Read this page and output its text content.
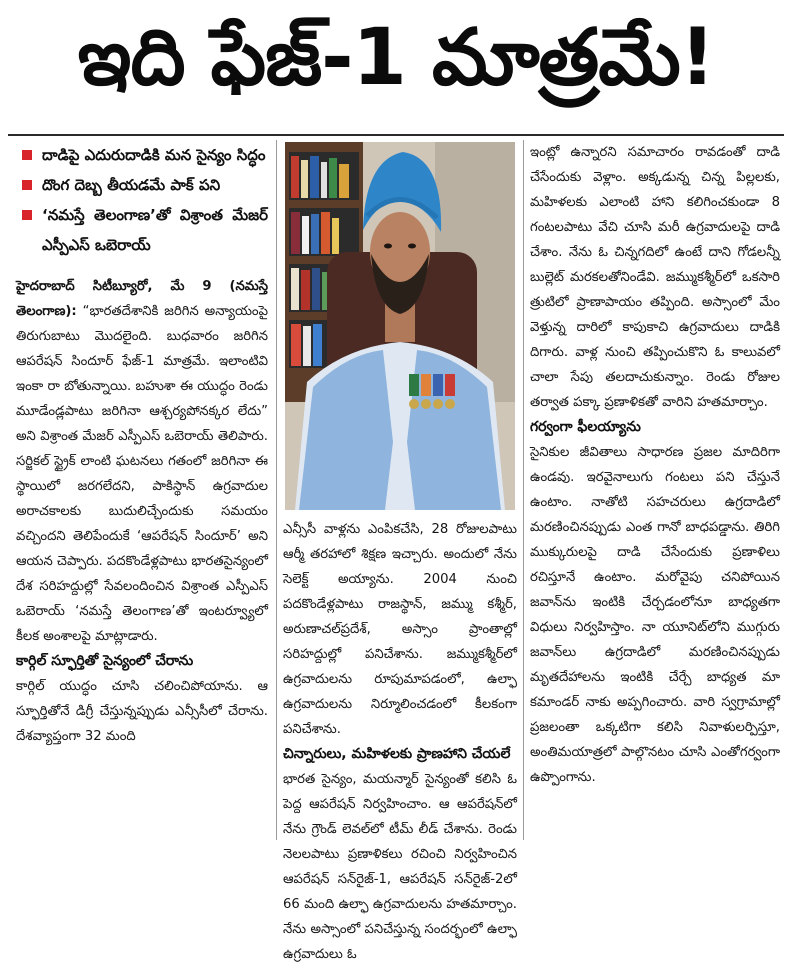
ఇది ఫేజ్‌-1 మాత్రమే!
దాడిపై ఎదురుదాడికి మన సైన్యం సిద్ధం
దొంగ దెబ్బ తీయడమే పాక్‌ పని
‘నమస్తే తెలంగాణ’తో విశ్రాంత మేజర్‌ ఎస్పీఎస్‌ ఒబెరాయ్‌

హైదరాబాద్‌ సిటీబ్యూరో, మే 9 (నమస్తే తెలంగాణ): “భారతదేశానికి జరిగిన అన్యాయంపై తిరుగుబాటు మొదలైంది. బుధవారం జరిగిన ఆపరేషన్‌ సిందూర్‌ ఫేజ్‌-1 మాత్రమే. ఇలాంటివి ఇంకా రా బోతున్నాయి. బహుశా ఈ యుద్ధం రెండు మూడేండ్లపాటు జరిగినా ఆశ్చర్యపోనక్కర లేదు” అని విశ్రాంత మేజర్‌ ఎస్పీఎస్‌ ఒబెరాయ్‌ తెలిపారు. సర్జికల్‌ స్ట్రైక్‌ లాంటి ఘటనలు గతంలో జరిగినా ఈ స్థాయిలో జరగలేదని, పాకిస్థాన్‌ ఉగ్రవాదుల అరాచకాలకు బుదులిచ్చేందుకు సమయం వచ్చిందని తెలిపేందుకే ‘ఆపరేషన్‌ సిందూర్‌’ అని ఆయన చెప్పారు. పదకొండేళ్లపాటు భారతసైన్యంలో దేశ సరిహద్దుల్లో సేవలందించిన విశ్రాంత ఎస్పీఎస్‌ ఒబెరాయ్‌ ‘నమస్తే తెలంగాణ’తో ఇంటర్వ్యూలో కీలక అంశాలపై మాట్లాడారు.

కార్గిల్‌ స్ఫూర్తితో సైన్యంలో చేరాను

కార్గిల్‌ యుద్ధం చూసి చలించిపోయాను. ఆ స్ఫూర్తితోనే డిగ్రీ చేస్తున్నప్పుడు ఎన్సీసీలో చేరాను. దేశవ్యాప్తంగా 32 మంది

ఎన్సీసీ వాళ్లను ఎంపికచేసి, 28 రోజులపాటు ఆర్మీ తరహాలో శిక్షణ ఇచ్చారు. అందులో నేను సెలెక్ట్‌ అయ్యాను. 2004 నుంచి పదకొండేళ్లపాటు రాజస్థాన్‌, జమ్ము కశ్మీర్‌, అరుణాచల్‌ప్రదేశ్‌, అస్సాం ప్రాంతాల్లో సరిహద్దుల్లో పనిచేశాను. జమ్ముకశ్మీర్‌లో ఉగ్రవాదులను రూపుమాపడంలో, ఉల్ఫా ఉగ్రవాదులను నిర్మూలించడంలో కీలకంగా పనిచేశాను.

చిన్నారులు, మహిళలకు ప్రాణహాని చేయలే

భారత సైన్యం, మయన్మార్‌ సైన్యంతో కలిసి ఓ పెద్ద ఆపరేషన్‌ నిర్వహించాం. ఆ ఆపరేషన్‌లో నేను గ్రౌండ్‌ లెవల్‌లో టీమ్‌ లీడ్‌ చేశాను. రెండు నెలలపాటు ప్రణాళికలు రచించి నిర్వహించిన ఆపరేషన్‌ సన్‌రైజ్‌-1, ఆపరేషన్‌ సన్‌రైజ్‌-2లో 66 మంది ఉల్ఫా ఉగ్రవాదులను హతమార్చాం. నేను అస్సాంలో పనిచేస్తున్న సందర్భంలో ఉల్ఫా ఉగ్రవాదులు ఓ

ఇంట్లో ఉన్నారని సమాచారం రావడంతో దాడి చేసేందుకు వెళ్లాం. అక్కడున్న చిన్న పిల్లలకు, మహిళలకు ఎలాంటి హాని కలిగించకుండా 8 గంటలపాటు వేచి చూసి మరీ ఉగ్రవాదులపై దాడి చేశాం. నేను ఓ చిన్నగదిలో ఉంటే దాని గోడలన్నీ బుల్లెట్‌ మరకలతోనిండేవి. జమ్ముకశ్మీర్‌లో ఒకసారి త్రుటిలో ప్రాణాపాయం తప్పింది. అస్సాంలో మేం వెళ్తున్న దారిలో కాపుకాచి ఉగ్రవాదులు దాడికి దిగారు. వాళ్ల నుంచి తప్పించుకొని ఓ కాలువలో చాలా సేపు తలదాచుకున్నాం. రెండు రోజుల తర్వాత పక్కా ప్రణాళికతో వారిని హతమార్చాం.

గర్వంగా ఫీలయ్యాను

సైనికుల జీవితాలు సాధారణ ప్రజల మాదిరిగా ఉండవు. ఇరవైనాలుగు గంటలు పని చేస్తునే ఉంటాం. నాతోటి సహచరులు ఉగ్రదాడిలో మరణించినప్పుడు ఎంత గానో బాధపడ్డాను. తిరిగి ముక్కురులపై దాడి చేసేందుకు ప్రణాళిలు రచిస్తూనే ఉంటాం. మరోవైపు చనిపోయిన జవాన్‌ను ఇంటికి చేర్చడంలోనూ బాధ్యతగా విధులు నిర్వహిస్తాం. నా యూనిట్‌లోని ముగ్గురు జవాన్‌లు ఉగ్రదాడిలో మరణించినప్పుడు మృతదేహాలను ఇంటికి చేర్చే బాధ్యత మా కమాండర్‌ నాకు అప్పగించారు. వారి స్వగ్రామాల్లో ప్రజలంతా ఒక్కటిగా కలిసి నివాళులర్పిస్తూ, అంతిమయాత్రలో పాల్గొనటం చూసి ఎంతోగర్వంగా ఉప్పొంగాను.
